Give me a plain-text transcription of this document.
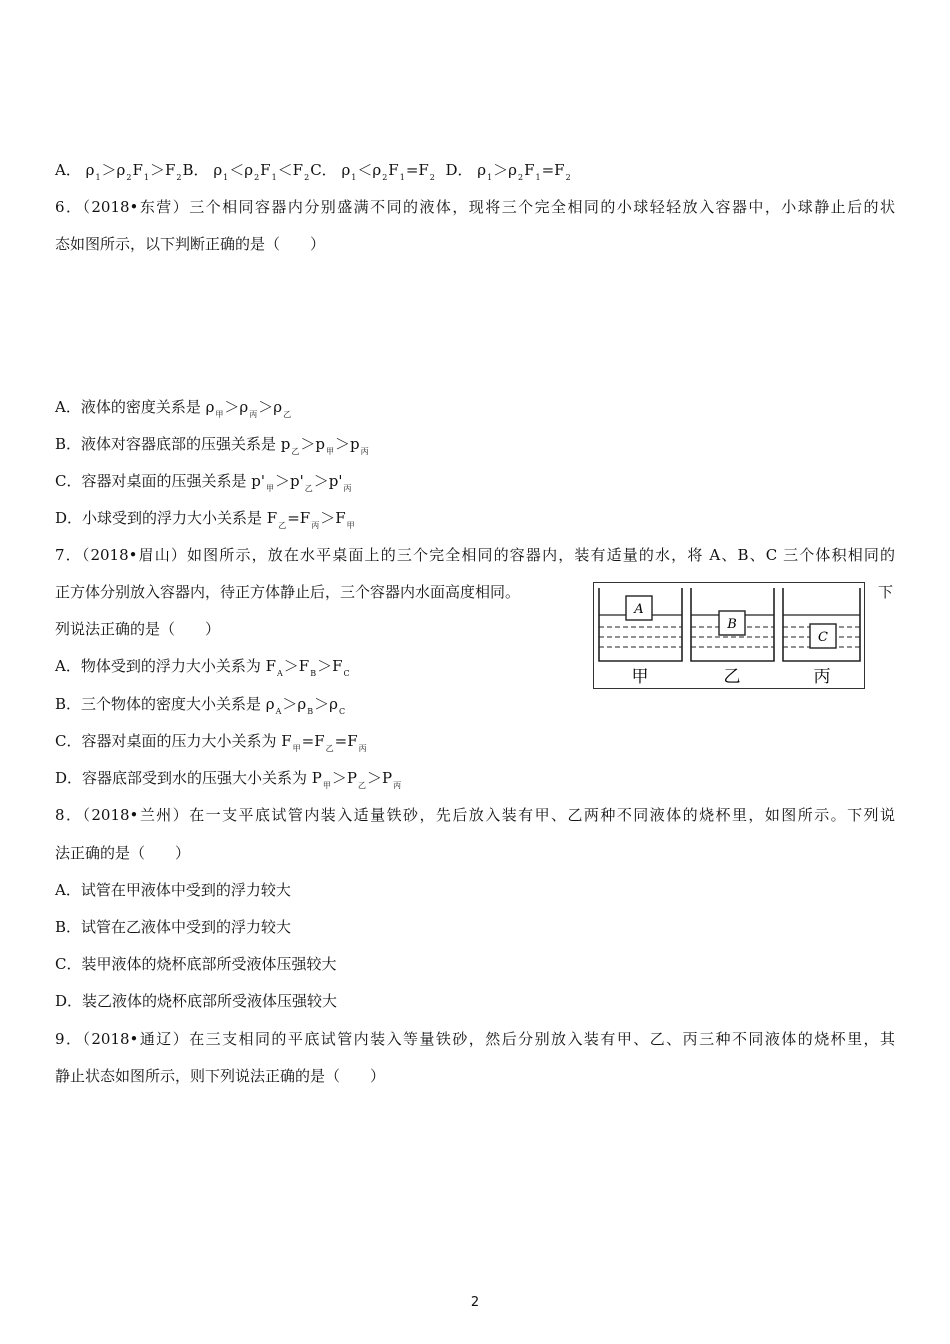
A． $\rho_1>\rho_2F_1>F_2B$． $\rho_1<\rho_2F_1<F_2C$． $\rho_1<\rho_2F_1=F_2$ D． $\rho_1>\rho_2F_1=F_2$
6．（2018•东营）三个相同容器内分别盛满不同的液体，现将三个完全相同的小球轻轻放入容器中，小球静止后的状
态如图所示，以下判断正确的是（　　）
A．液体的密度关系是 $\rho_甲>\rho_丙>\rho_乙$
B．液体对容器底部的压强关系是 $p_乙>p_甲>p_丙$
C．容器对桌面的压强关系是 $p'_甲>p'_乙>p'_丙$
D．小球受到的浮力大小关系是 $F_乙=F_丙>F_甲$
7．（2018•眉山）如图所示，放在水平桌面上的三个完全相同的容器内，装有适量的水，将 A、B、C 三个体积相同的
正方体分别放入容器内，待正方体静止后，三个容器内水面高度相同。	下
列说法正确的是（　　）
A．物体受到的浮力大小关系为 $F_A>F_B>F_C$
B．三个物体的密度大小关系是 $\rho_A>\rho_B>\rho_C$
C．容器对桌面的压力大小关系为 $F_甲=F_乙=F_丙$
D．容器底部受到水的压强大小关系为 $P_甲>P_乙>P_丙$
A
B
C
甲	乙	丙
8．（2018•兰州）在一支平底试管内装入适量铁砂，先后放入装有甲、乙两种不同液体的烧杯里，如图所示。下列说
法正确的是（　　）
A．试管在甲液体中受到的浮力较大
B．试管在乙液体中受到的浮力较大
C．装甲液体的烧杯底部所受液体压强较大
D．装乙液体的烧杯底部所受液体压强较大
9．（2018•通辽）在三支相同的平底试管内装入等量铁砂，然后分别放入装有甲、乙、丙三种不同液体的烧杯里，其
静止状态如图所示，则下列说法正确的是（　　）
2
